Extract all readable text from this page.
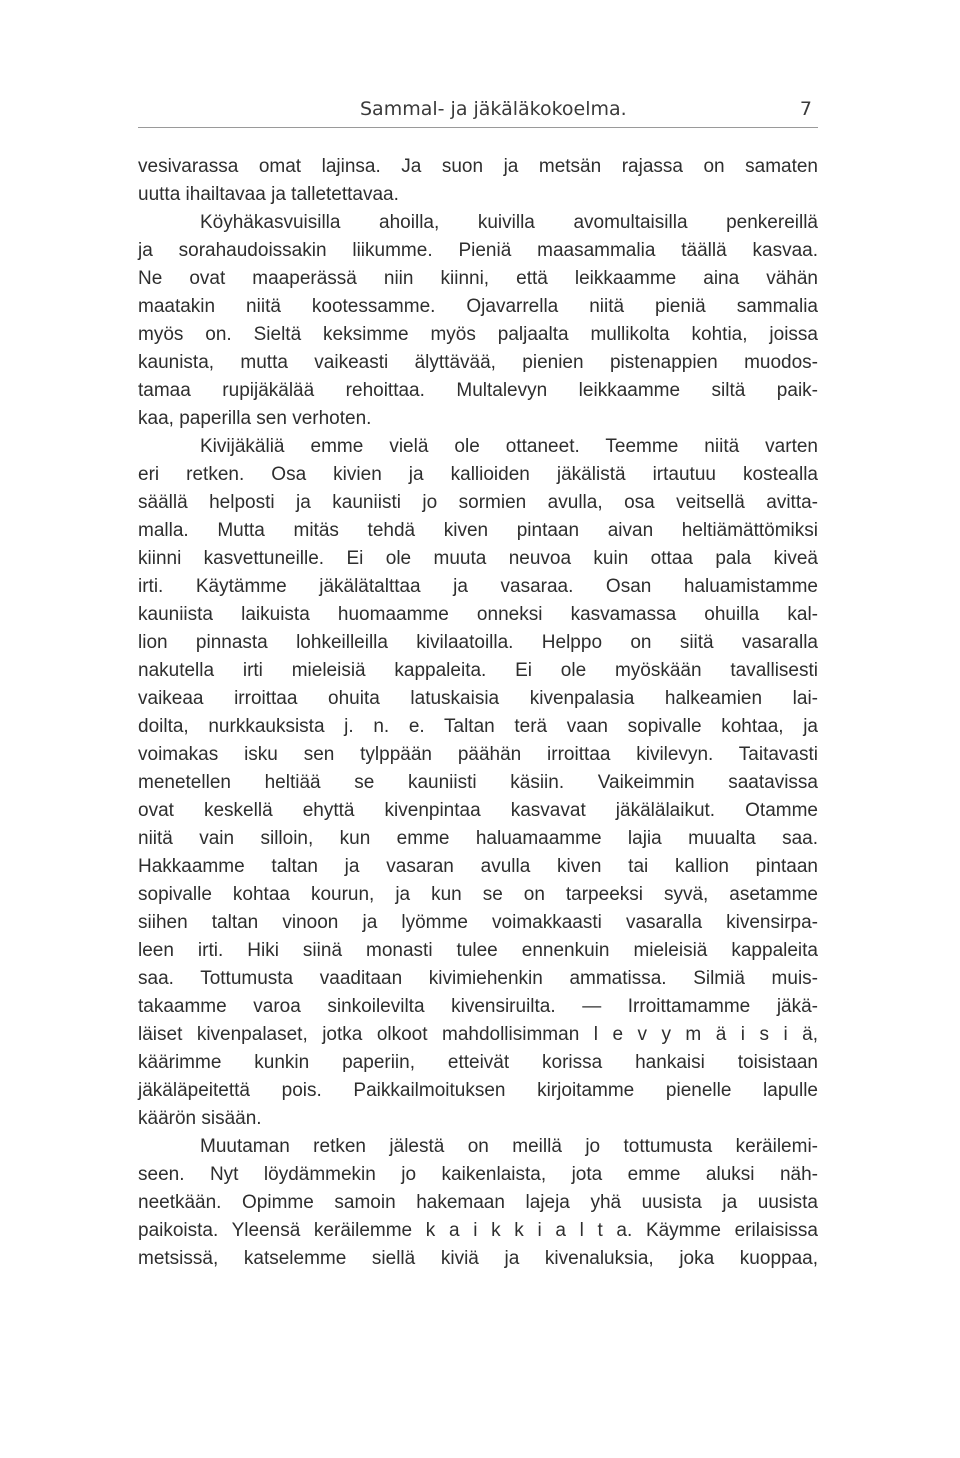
Sammal- ja jäkäläkokoelma.	7
vesivarassa omat lajinsa. Ja suon ja metsän rajassa on samaten
uutta ihailtavaa ja talletettavaa.
Köyhäkasvuisilla ahoilla, kuivilla avomultaisilla penkereillä
ja sorahaudoissakin liikumme. Pieniä maasammalia täällä kasvaa.
Ne ovat maaperässä niin kiinni, että leikkaamme aina vähän
maatakin niitä kootessamme. Ojavarrella niitä pieniä sammalia
myös on. Sieltä keksimme myös paljaalta mullikolta kohtia, joissa
kaunista, mutta vaikeasti älyttävää, pienien pistenappien muodos-
tamaa rupijäkälää rehoittaa. Multalevyn leikkaamme siltä paik-
kaa, paperilla sen verhoten.
Kivijäkäliä emme vielä ole ottaneet. Teemme niitä varten
eri retken. Osa kivien ja kallioiden jäkälistä irtautuu kostealla
säällä helposti ja kauniisti jo sormien avulla, osa veitsellä avitta-
malla. Mutta mitäs tehdä kiven pintaan aivan heltiämättömiksi
kiinni kasvettuneille. Ei ole muuta neuvoa kuin ottaa pala kiveä
irti. Käytämme jäkälätalttaa ja vasaraa. Osan haluamistamme
kauniista laikuista huomaamme onneksi kasvamassa ohuilla kal-
lion pinnasta lohkeilleilla kivilaatoilla. Helppo on siitä vasaralla
nakutella irti mieleisiä kappaleita. Ei ole myöskään tavallisesti
vaikeaa irroittaa ohuita latuskaisia kivenpalasia halkeamien lai-
doilta, nurkkauksista j. n. e. Taltan terä vaan sopivalle kohtaa, ja
voimakas isku sen tylppään päähän irroittaa kivilevyn. Taitavasti
menetellen heltiää se kauniisti käsiin. Vaikeimmin saatavissa
ovat keskellä ehyttä kivenpintaa kasvavat jäkälälaikut. Otamme
niitä vain silloin, kun emme haluamaamme lajia muualta saa.
Hakkaamme taltan ja vasaran avulla kiven tai kallion pintaan
sopivalle kohtaa kourun, ja kun se on tarpeeksi syvä, asetamme
siihen taltan vinoon ja lyömme voimakkaasti vasaralla kivensirpa-
leen irti. Hiki siinä monasti tulee ennenkuin mieleisiä kappaleita
saa. Tottumusta vaaditaan kivimiehenkin ammatissa. Silmiä muis-
takaamme varoa sinkoilevilta kivensiruilta. — Irroittamamme jäkä-
läiset kivenpalaset, jotka olkoot mahdollisimman l e v y m ä i s i ä,
käärimme kunkin paperiin, etteivät korissa hankaisi toisistaan
jäkäläpeitettä pois. Paikkailmoituksen kirjoitamme pienelle lapulle
käärön sisään.
Muutaman retken jälestä on meillä jo tottumusta keräilemi-
seen. Nyt löydämmekin jo kaikenlaista, jota emme aluksi näh-
neetkään. Opimme samoin hakemaan lajeja yhä uusista ja uusista
paikoista. Yleensä keräilemme k a i k k i a l t a. Käymme erilaisissa
metsissä, katselemme siellä kiviä ja kivenaluksia, joka kuoppaa,
